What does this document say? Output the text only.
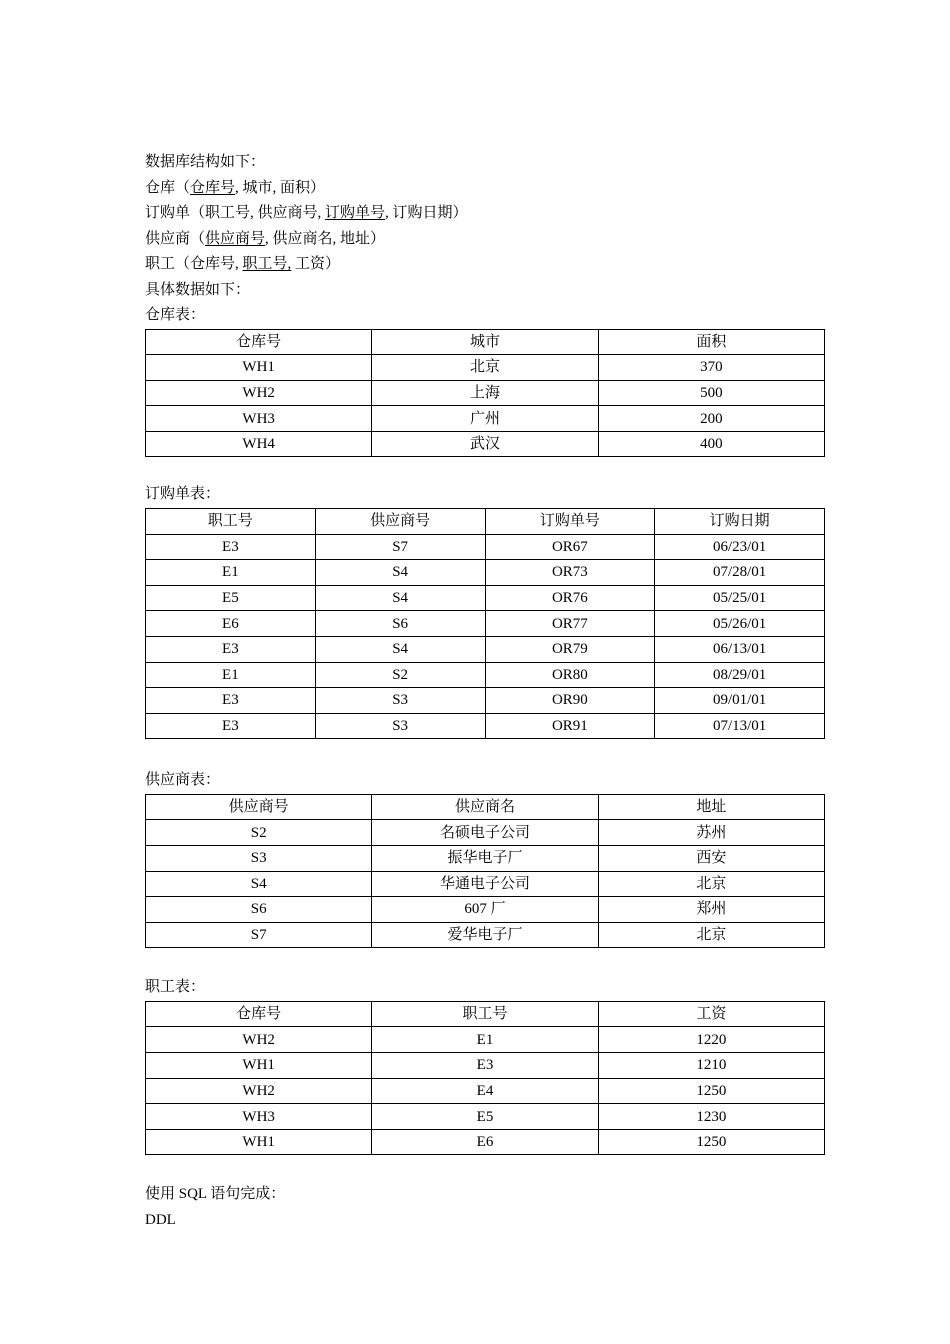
数据库结构如下：
仓库（仓库号, 城市, 面积）
订购单（职工号, 供应商号, 订购单号, 订购日期）
供应商（供应商号, 供应商名, 地址）
职工（仓库号, 职工号, 工资）
具体数据如下：
仓库表：
仓库号	城市	面积
WH1	北京	370
WH2	上海	500
WH3	广州	200
WH4	武汉	400
订购单表：
职工号	供应商号	订购单号	订购日期
E3	S7	OR67	06/23/01
E1	S4	OR73	07/28/01
E5	S4	OR76	05/25/01
E6	S6	OR77	05/26/01
E3	S4	OR79	06/13/01
E1	S2	OR80	08/29/01
E3	S3	OR90	09/01/01
E3	S3	OR91	07/13/01
供应商表：
供应商号	供应商名	地址
S2	名硕电子公司	苏州
S3	振华电子厂	西安
S4	华通电子公司	北京
S6	607 厂	郑州
S7	爱华电子厂	北京
职工表：
仓库号	职工号	工资
WH2	E1	1220
WH1	E3	1210
WH2	E4	1250
WH3	E5	1230
WH1	E6	1250
使用 SQL 语句完成：
DDL
